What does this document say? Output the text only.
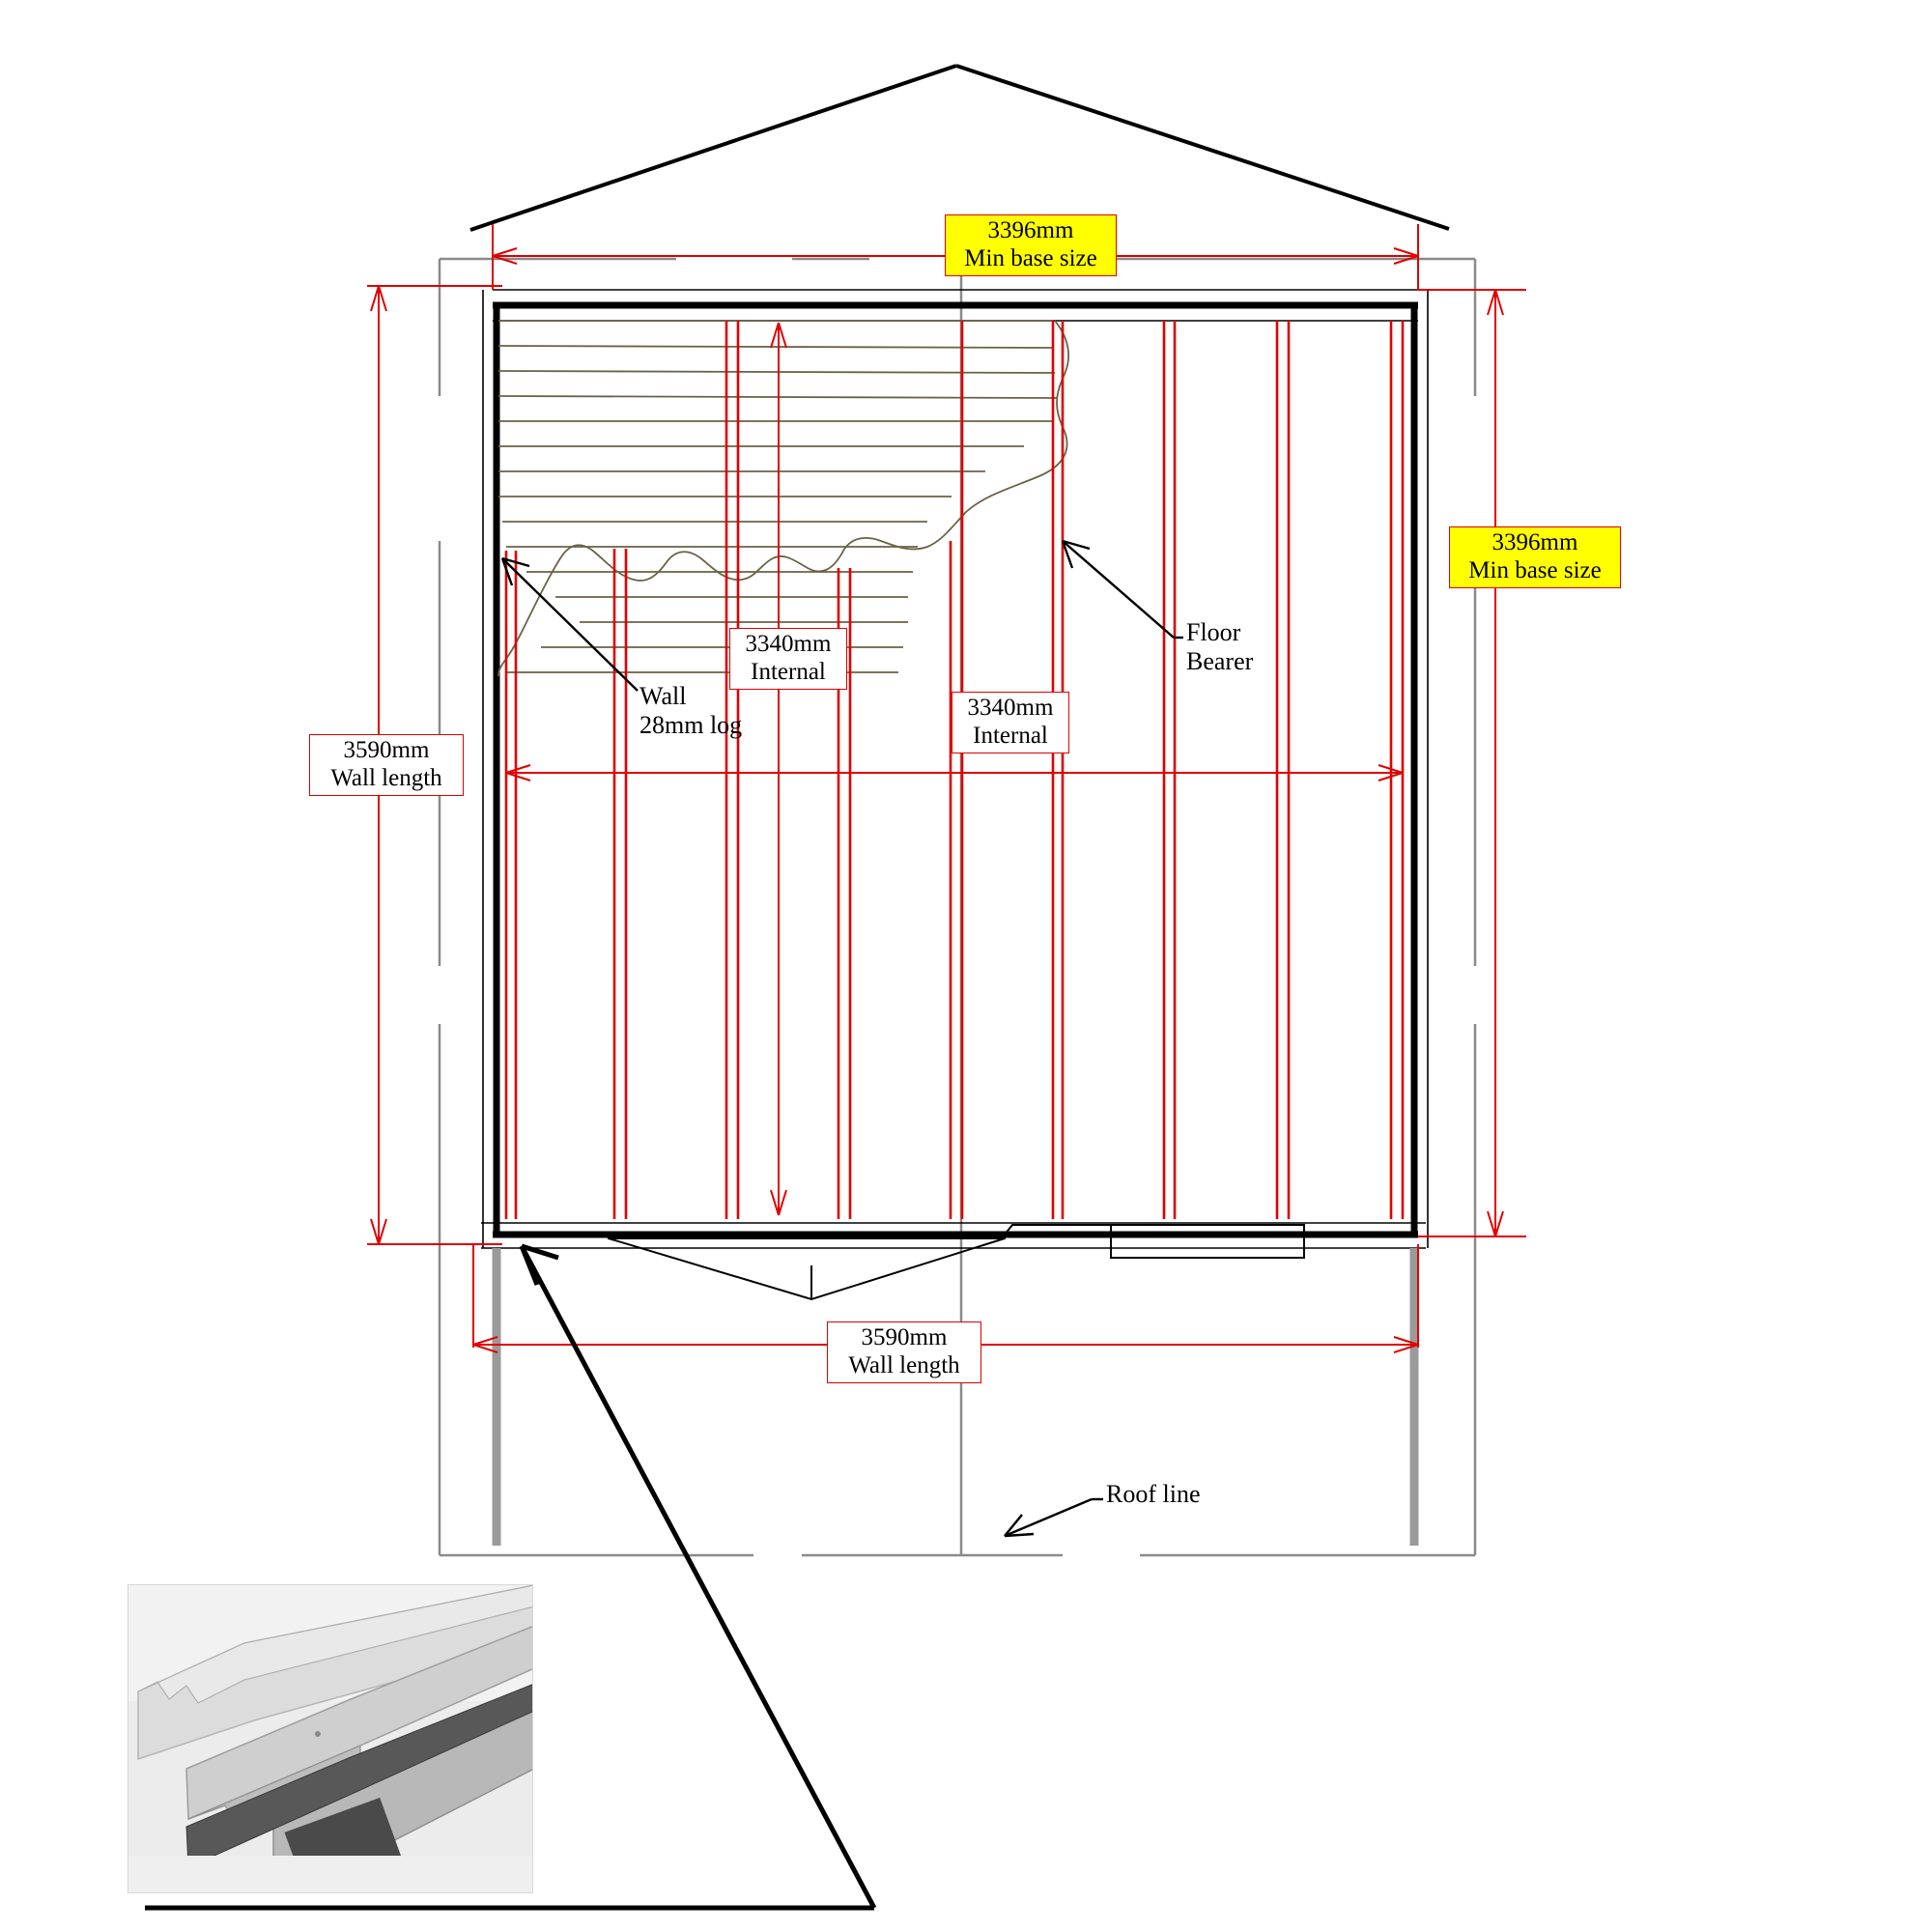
3396mm
Min base size
3396mm
Min base size
3590mm
Wall length
3590mm
Wall length
3340mm
Internal
3340mm
Internal
Wall
28mm log
Floor
Bearer
Roof line
